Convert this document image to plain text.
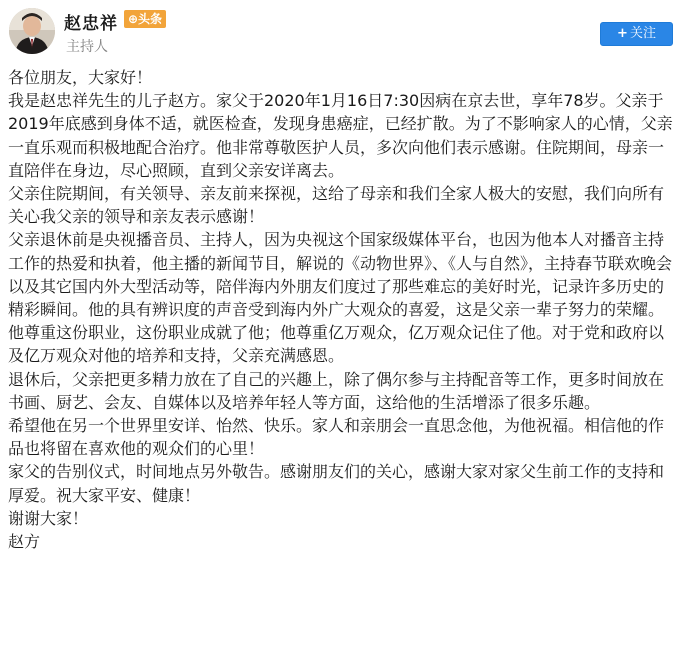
赵忠祥 ⊕头条
主持人
+ 关注

各位朋友，大家好！

我是赵忠祥先生的儿子赵方。家父于2020年1月16日7:30因病在京去世，享年78岁。父亲于2019年底感到身体不适，就医检查，发现身患癌症，已经扩散。为了不影响家人的心情，父亲一直乐观而积极地配合治疗。他非常尊敬医护人员，多次向他们表示感谢。住院期间，母亲一直陪伴在身边，尽心照顾，直到父亲安详离去。

父亲住院期间，有关领导、亲友前来探视，这给了母亲和我们全家人极大的安慰，我们向所有关心我父亲的领导和亲友表示感谢！

父亲退休前是央视播音员、主持人，因为央视这个国家级媒体平台，也因为他本人对播音主持工作的热爱和执着，他主播的新闻节目，解说的《动物世界》、《人与自然》，主持春节联欢晚会以及其它国内外大型活动等，陪伴海内外朋友们度过了那些难忘的美好时光，记录许多历史的精彩瞬间。他的具有辨识度的声音受到海内外广大观众的喜爱，这是父亲一辈子努力的荣耀。他尊重这份职业，这份职业成就了他；他尊重亿万观众，亿万观众记住了他。对于党和政府以及亿万观众对他的培养和支持，父亲充满感恩。

退休后，父亲把更多精力放在了自己的兴趣上，除了偶尔参与主持配音等工作，更多时间放在书画、厨艺、会友、自媒体以及培养年轻人等方面，这给他的生活增添了很多乐趣。

希望他在另一个世界里安详、怡然、快乐。家人和亲朋会一直思念他，为他祝福。相信他的作品也将留在喜欢他的观众们的心里！

家父的告别仪式，时间地点另外敬告。感谢朋友们的关心，感谢大家对家父生前工作的支持和厚爱。祝大家平安、健康！

谢谢大家！

赵方
